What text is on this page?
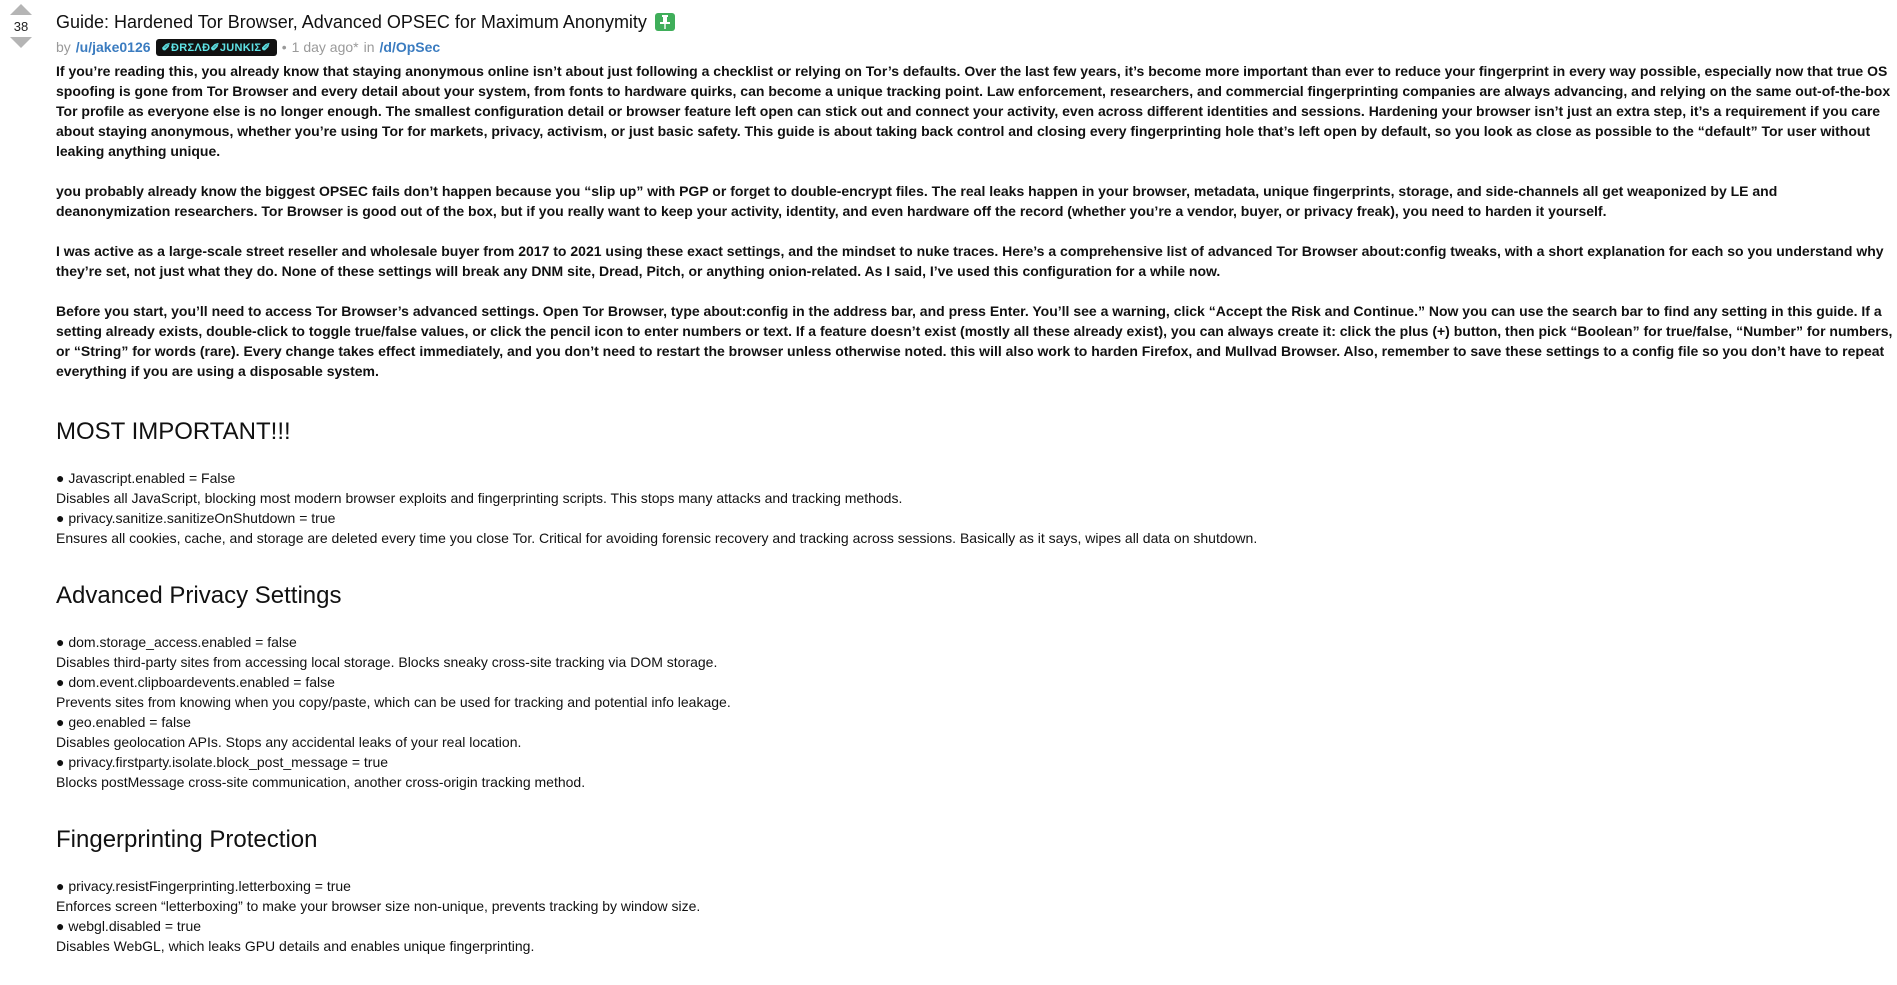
38	Guide: Hardened Tor Browser, Advanced OPSEC for Maximum Anonymity
by /u/jake0126	✐ÐRΣΛÐ✐JUNKIΣ✐ • 1 day ago* in /d/OpSec

If you’re reading this, you already know that staying anonymous online isn’t about just following a checklist or relying on Tor’s defaults. Over the last few years, it’s become more important than ever to reduce your fingerprint in every way possible, especially now that true OS spoofing is gone from Tor Browser and every detail about your system, from fonts to hardware quirks, can become a unique tracking point. Law enforcement, researchers, and commercial fingerprinting companies are always advancing, and relying on the same out-of-the-box Tor profile as everyone else is no longer enough. The smallest configuration detail or browser feature left open can stick out and connect your activity, even across different identities and sessions. Hardening your browser isn’t just an extra step, it’s a requirement if you care about staying anonymous, whether you’re using Tor for markets, privacy, activism, or just basic safety. This guide is about taking back control and closing every fingerprinting hole that’s left open by default, so you look as close as possible to the “default” Tor user without leaking anything unique.

you probably already know the biggest OPSEC fails don’t happen because you “slip up” with PGP or forget to double-encrypt files. The real leaks happen in your browser, metadata, unique fingerprints, storage, and side-channels all get weaponized by LE and deanonymization researchers. Tor Browser is good out of the box, but if you really want to keep your activity, identity, and even hardware off the record (whether you’re a vendor, buyer, or privacy freak), you need to harden it yourself.

I was active as a large-scale street reseller and wholesale buyer from 2017 to 2021 using these exact settings, and the mindset to nuke traces. Here’s a comprehensive list of advanced Tor Browser about:config tweaks, with a short explanation for each so you understand why they’re set, not just what they do. None of these settings will break any DNM site, Dread, Pitch, or anything onion-related. As I said, I’ve used this configuration for a while now.

Before you start, you’ll need to access Tor Browser’s advanced settings. Open Tor Browser, type about:config in the address bar, and press Enter. You’ll see a warning, click “Accept the Risk and Continue.” Now you can use the search bar to find any setting in this guide. If a setting already exists, double-click to toggle true/false values, or click the pencil icon to enter numbers or text. If a feature doesn’t exist (mostly all these already exist), you can always create it: click the plus (+) button, then pick “Boolean” for true/false, “Number” for numbers, or “String” for words (rare). Every change takes effect immediately, and you don’t need to restart the browser unless otherwise noted. this will also work to harden Firefox, and Mullvad Browser. Also, remember to save these settings to a config file so you don’t have to repeat everything if you are using a disposable system.

MOST IMPORTANT!!!

● Javascript.enabled = False

Disables all JavaScript, blocking most modern browser exploits and fingerprinting scripts. This stops many attacks and tracking methods.

● privacy.sanitize.sanitizeOnShutdown = true

Ensures all cookies, cache, and storage are deleted every time you close Tor. Critical for avoiding forensic recovery and tracking across sessions. Basically as it says, wipes all data on shutdown.

Advanced Privacy Settings

● dom.storage_access.enabled = false

Disables third-party sites from accessing local storage. Blocks sneaky cross-site tracking via DOM storage.

● dom.event.clipboardevents.enabled = false

Prevents sites from knowing when you copy/paste, which can be used for tracking and potential info leakage.

● geo.enabled = false

Disables geolocation APIs. Stops any accidental leaks of your real location.

● privacy.firstparty.isolate.block_post_message = true

Blocks postMessage cross-site communication, another cross-origin tracking method.

Fingerprinting Protection

● privacy.resistFingerprinting.letterboxing = true

Enforces screen “letterboxing” to make your browser size non-unique, prevents tracking by window size.

● webgl.disabled = true

Disables WebGL, which leaks GPU details and enables unique fingerprinting.
